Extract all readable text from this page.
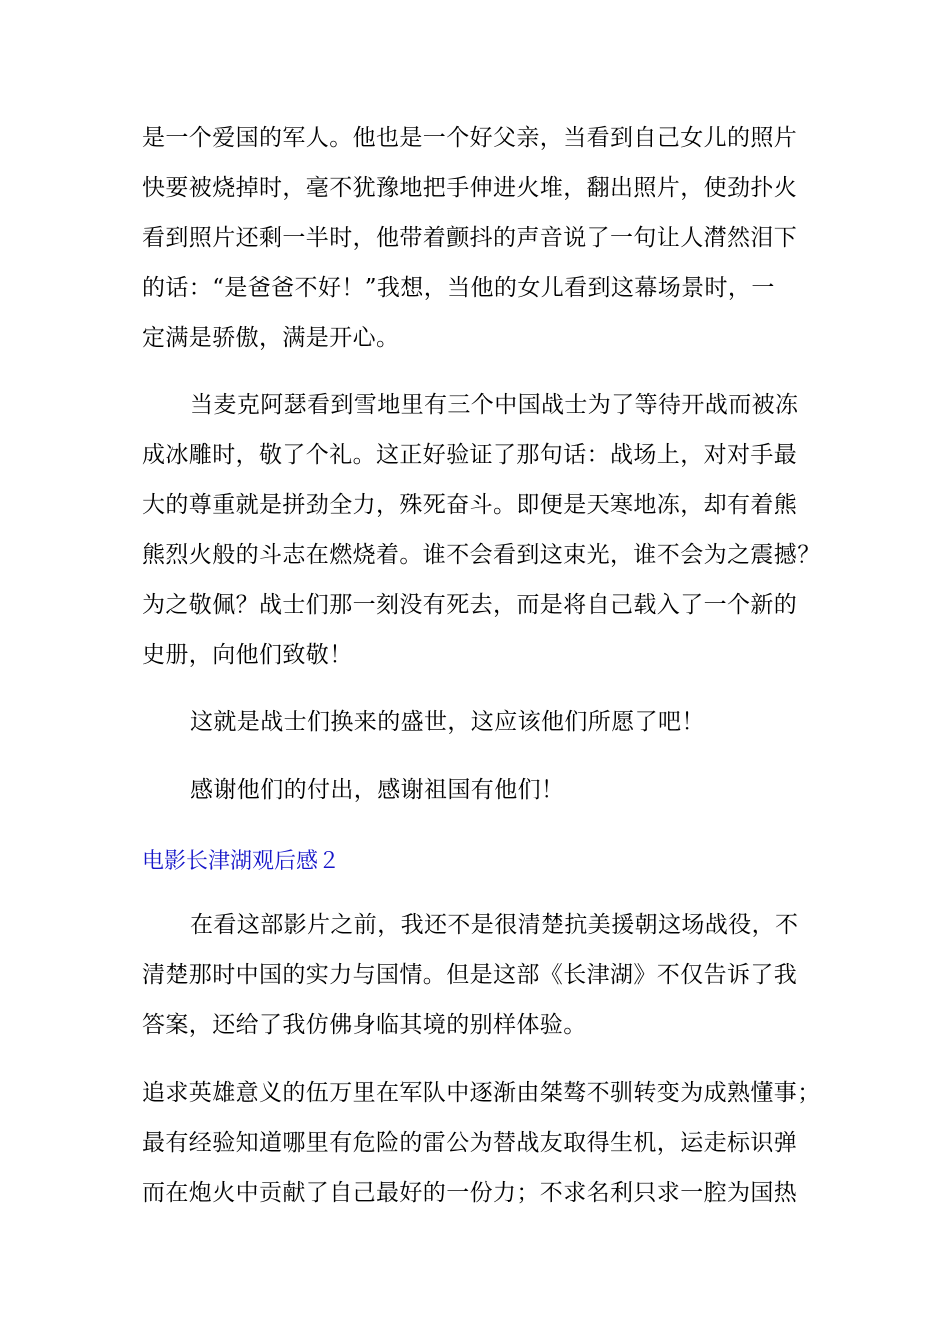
是一个爱国的军人。他也是一个好父亲，当看到自己女儿的照片
快要被烧掉时，毫不犹豫地把手伸进火堆，翻出照片，使劲扑火
看到照片还剩一半时，他带着颤抖的声音说了一句让人潸然泪下
的话：“是爸爸不好！”我想，当他的女儿看到这幕场景时，一
定满是骄傲，满是开心。

当麦克阿瑟看到雪地里有三个中国战士为了等待开战而被冻
成冰雕时，敬了个礼。这正好验证了那句话：战场上，对对手最
大的尊重就是拼劲全力，殊死奋斗。即便是天寒地冻，却有着熊
熊烈火般的斗志在燃烧着。谁不会看到这束光，谁不会为之震撼？
为之敬佩？战士们那一刻没有死去，而是将自己载入了一个新的
史册，向他们致敬！

这就是战士们换来的盛世，这应该他们所愿了吧！

感谢他们的付出，感谢祖国有他们！

电影长津湖观后感２

在看这部影片之前，我还不是很清楚抗美援朝这场战役，不
清楚那时中国的实力与国情。但是这部《长津湖》不仅告诉了我
答案，还给了我仿佛身临其境的别样体验。

追求英雄意义的伍万里在军队中逐渐由桀骜不驯转变为成熟懂事；
最有经验知道哪里有危险的雷公为替战友取得生机，运走标识弹
而在炮火中贡献了自己最好的一份力；不求名利只求一腔为国热
